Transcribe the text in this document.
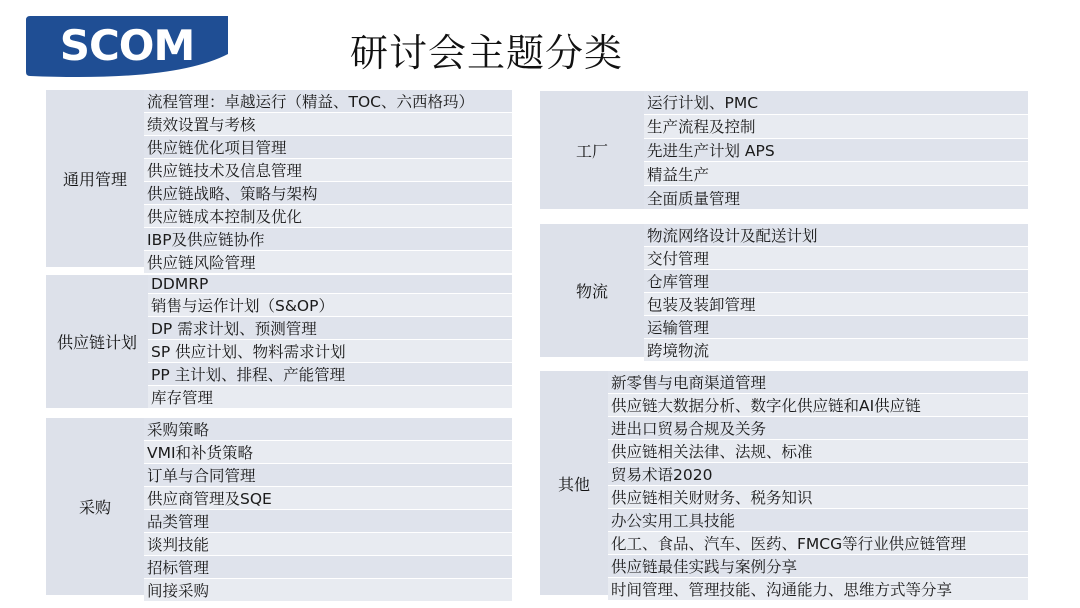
SCOM	研讨会主题分类
通用管理
流程管理：卓越运行（精益、TOC、六西格玛）
绩效设置与考核
供应链优化项目管理
供应链技术及信息管理
供应链战略、策略与架构
供应链成本控制及优化
IBP及供应链协作
供应链风险管理
供应链计划
DDMRP
销售与运作计划（S&OP）
DP 需求计划、预测管理
SP 供应计划、物料需求计划
PP 主计划、排程、产能管理
库存管理
采购
采购策略
VMI和补货策略
订单与合同管理
供应商管理及SQE
品类管理
谈判技能
招标管理
间接采购
工厂
运行计划、PMC
生产流程及控制
先进生产计划 APS
精益生产
全面质量管理
物流
物流网络设计及配送计划
交付管理
仓库管理
包装及装卸管理
运输管理
跨境物流
其他
新零售与电商渠道管理
供应链大数据分析、数字化供应链和AI供应链
进出口贸易合规及关务
供应链相关法律、法规、标准
贸易术语2020
供应链相关财财务、税务知识
办公实用工具技能
化工、食品、汽车、医药、FMCG等行业供应链管理
供应链最佳实践与案例分享
时间管理、管理技能、沟通能力、思维方式等分享
